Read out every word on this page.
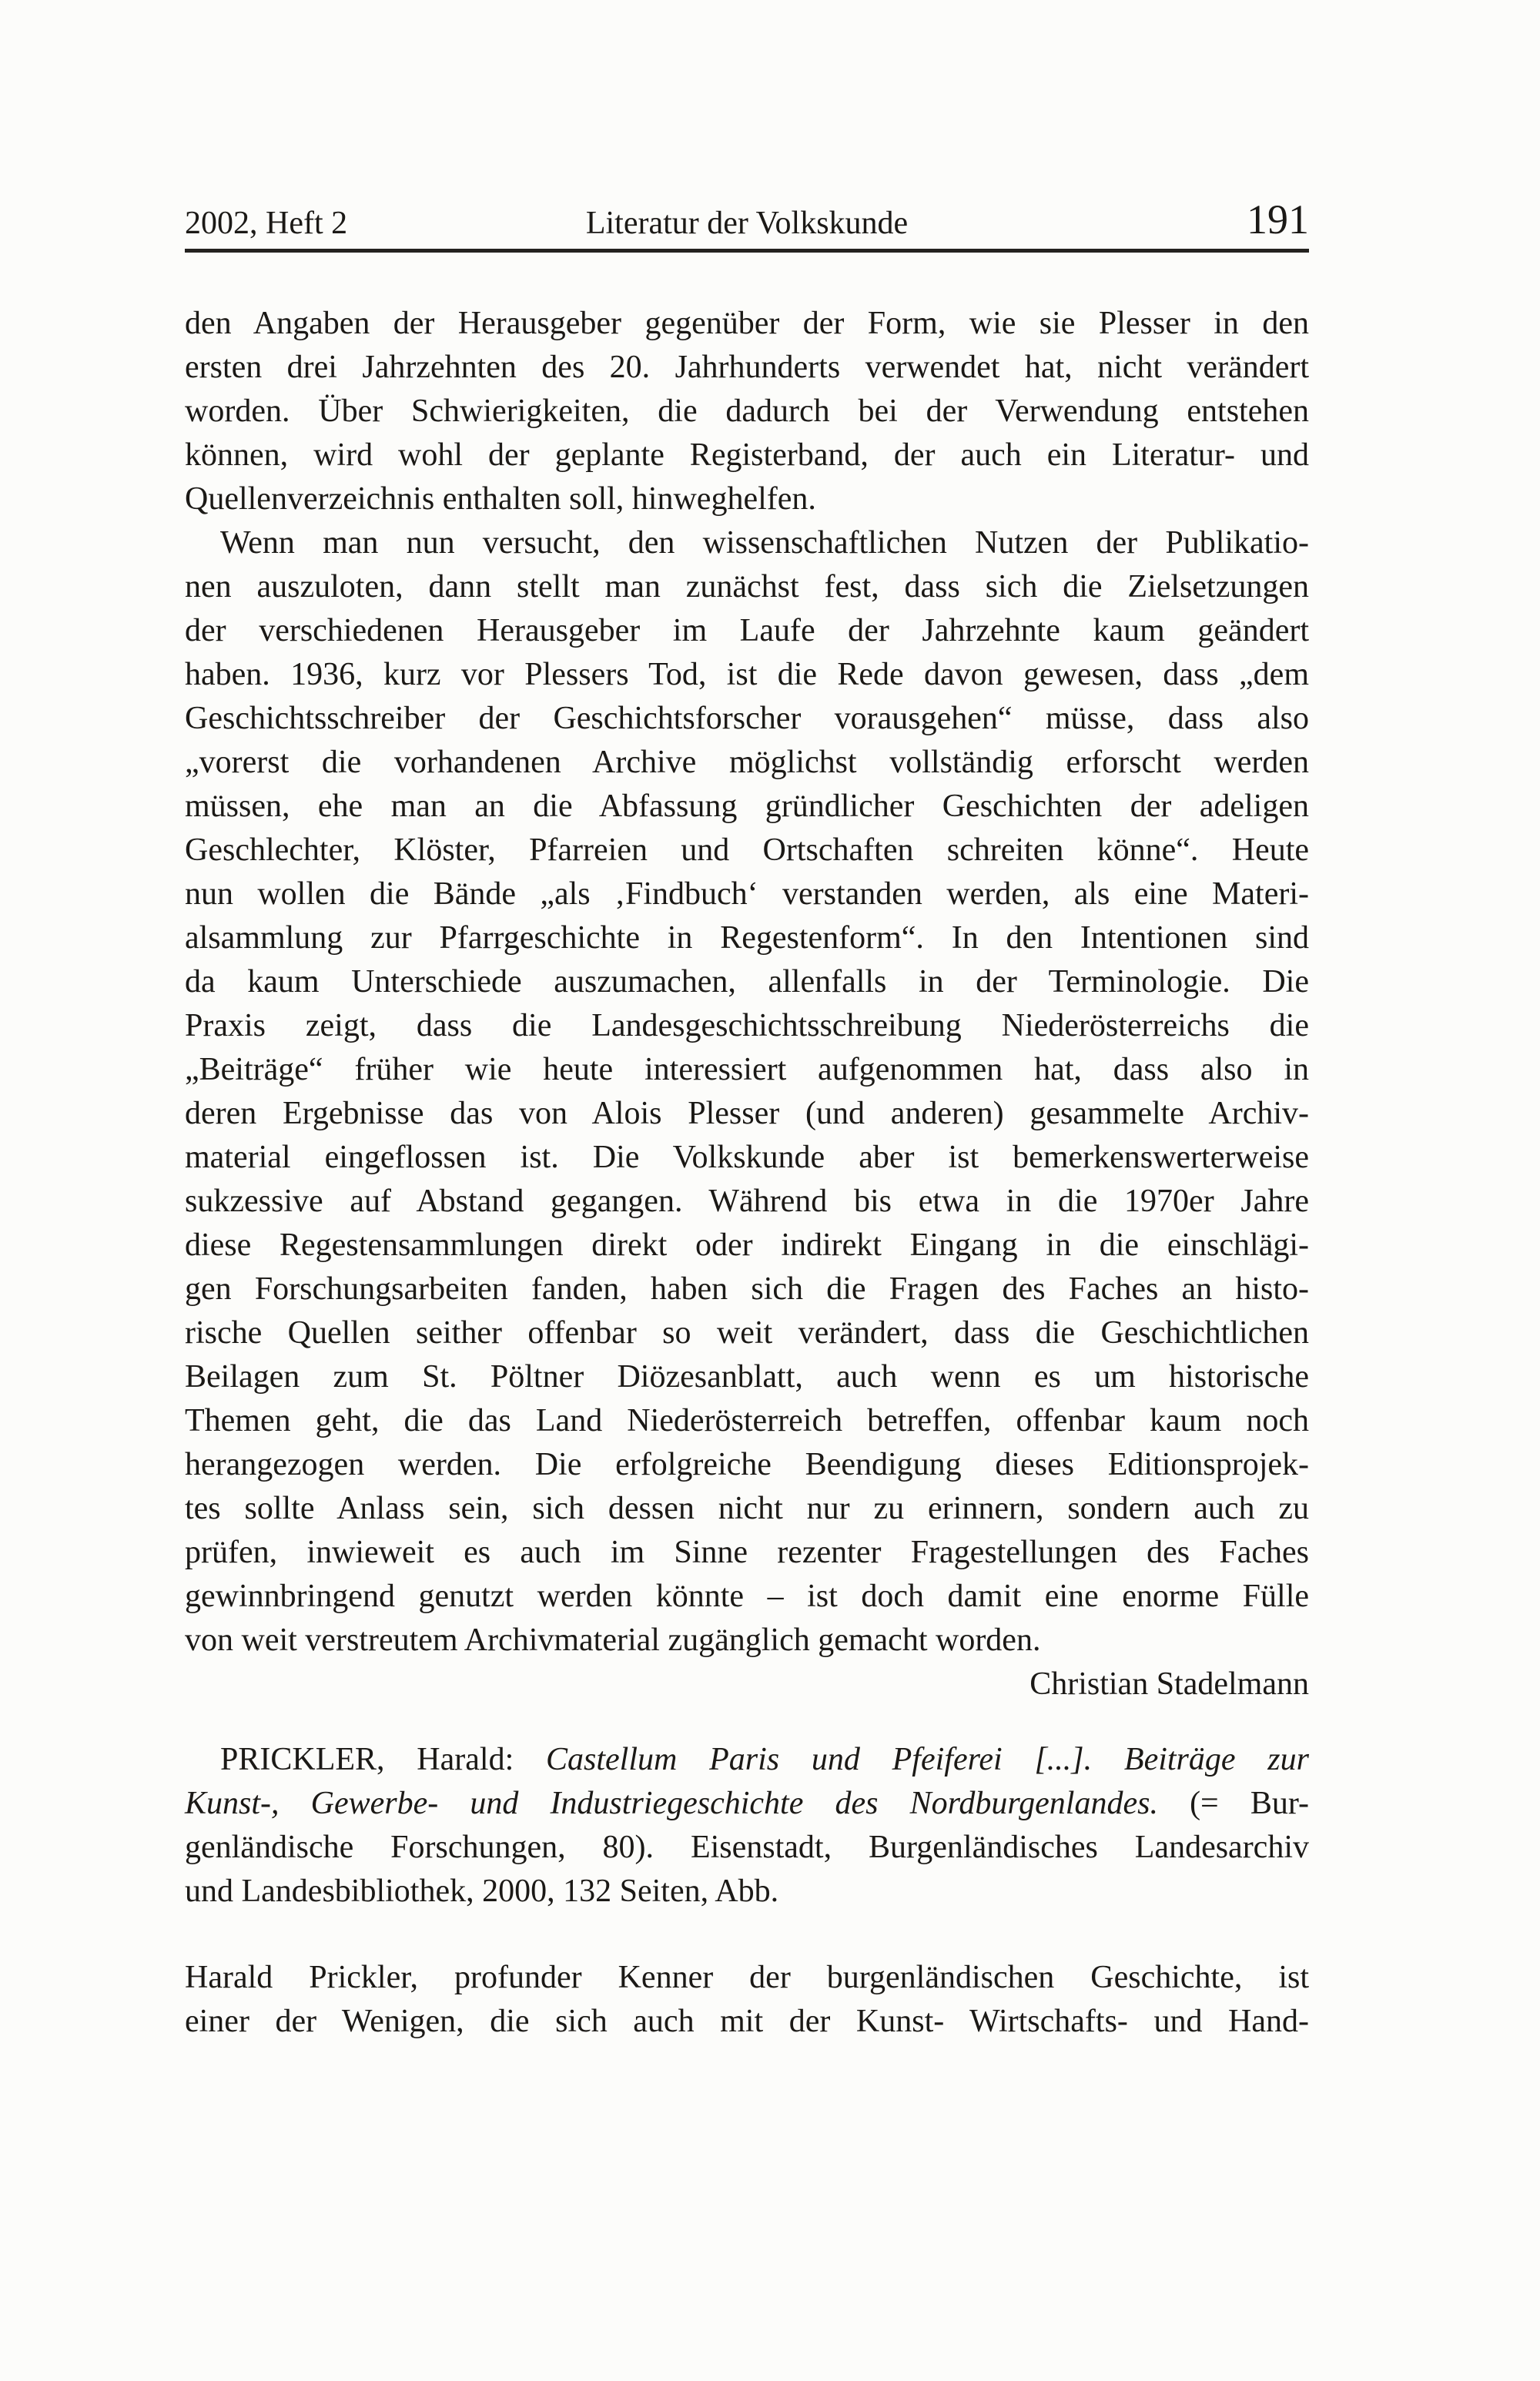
2002, Heft 2	Literatur der Volkskunde	191
den Angaben der Herausgeber gegenüber der Form, wie sie Plesser in den
ersten drei Jahrzehnten des 20. Jahrhunderts verwendet hat, nicht verändert
worden. Über Schwierigkeiten, die dadurch bei der Verwendung entstehen
können, wird wohl der geplante Registerband, der auch ein Literatur- und
Quellenverzeichnis enthalten soll, hinweghelfen.
Wenn man nun versucht, den wissenschaftlichen Nutzen der Publikatio-
nen auszuloten, dann stellt man zunächst fest, dass sich die Zielsetzungen
der verschiedenen Herausgeber im Laufe der Jahrzehnte kaum geändert
haben. 1936, kurz vor Plessers Tod, ist die Rede davon gewesen, dass „dem
Geschichtsschreiber der Geschichtsforscher vorausgehen“ müsse, dass also
„vorerst die vorhandenen Archive möglichst vollständig erforscht werden
müssen, ehe man an die Abfassung gründlicher Geschichten der adeligen
Geschlechter, Klöster, Pfarreien und Ortschaften schreiten könne“. Heute
nun wollen die Bände „als ‚Findbuch‘ verstanden werden, als eine Materi-
alsammlung zur Pfarrgeschichte in Regestenform“. In den Intentionen sind
da kaum Unterschiede auszumachen, allenfalls in der Terminologie. Die
Praxis zeigt, dass die Landesgeschichtsschreibung Niederösterreichs die
„Beiträge“ früher wie heute interessiert aufgenommen hat, dass also in
deren Ergebnisse das von Alois Plesser (und anderen) gesammelte Archiv-
material eingeflossen ist. Die Volkskunde aber ist bemerkenswerterweise
sukzessive auf Abstand gegangen. Während bis etwa in die 1970er Jahre
diese Regestensammlungen direkt oder indirekt Eingang in die einschlägi-
gen Forschungsarbeiten fanden, haben sich die Fragen des Faches an histo-
rische Quellen seither offenbar so weit verändert, dass die Geschichtlichen
Beilagen zum St. Pöltner Diözesanblatt, auch wenn es um historische
Themen geht, die das Land Niederösterreich betreffen, offenbar kaum noch
herangezogen werden. Die erfolgreiche Beendigung dieses Editionsprojek-
tes sollte Anlass sein, sich dessen nicht nur zu erinnern, sondern auch zu
prüfen, inwieweit es auch im Sinne rezenter Fragestellungen des Faches
gewinnbringend genutzt werden könnte – ist doch damit eine enorme Fülle
von weit verstreutem Archivmaterial zugänglich gemacht worden.
Christian Stadelmann
PRICKLER, Harald: Castellum Paris und Pfeiferei [...]. Beiträge zur
Kunst-, Gewerbe- und Industriegeschichte des Nordburgenlandes. (= Bur-
genländische Forschungen, 80). Eisenstadt, Burgenländisches Landesarchiv
und Landesbibliothek, 2000, 132 Seiten, Abb.
Harald Prickler, profunder Kenner der burgenländischen Geschichte, ist
einer der Wenigen, die sich auch mit der Kunst- Wirtschafts- und Hand-
